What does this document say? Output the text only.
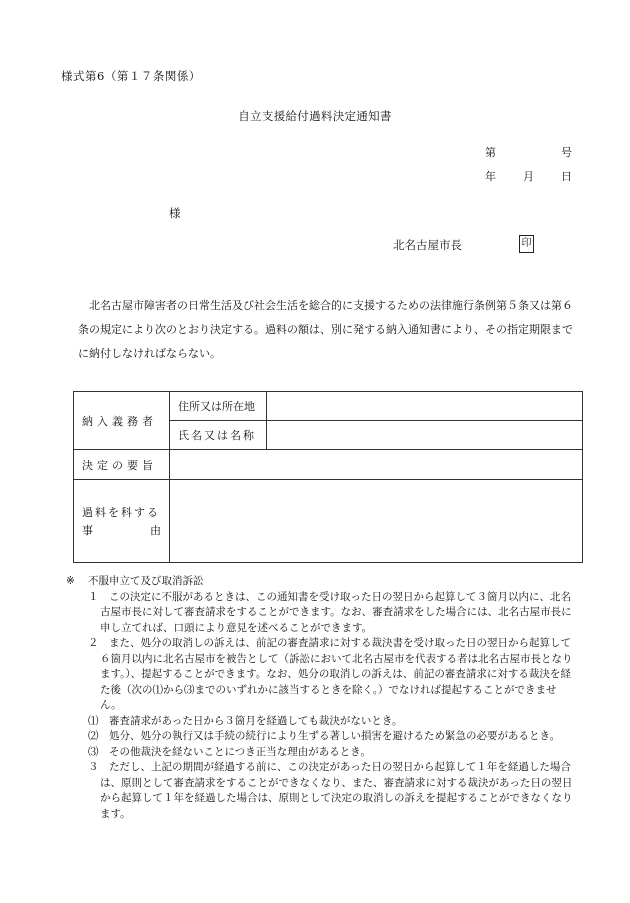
様式第6（第１７条関係）
自立支援給付過料決定通知書
第	号
年 月 日
様
北名古屋市長	印
北名古屋市障害者の日常生活及び社会生活を総合的に支援するための法律施行条例第５条又は第６条の規定により次のとおり決定する。過料の額は、別に発する納入通知書により、その指定期限までに納付しなければならない。
納入義務者	住所又は所在地	
	氏名又は名称	
決定の要旨		

過料を科する
事 由		

※ 不服申立て及び取消訴訟

１　この決定に不服があるときは、この通知書を受け取った日の翌日から起算して３箇月以内に、北名古屋市長に対して審査請求をすることができます。なお、審査請求をした場合には、北名古屋市長に申し立てれば、口頭により意見を述べることができます。

２　また、処分の取消しの訴えは、前記の審査請求に対する裁決書を受け取った日の翌日から起算して６箇月以内に北名古屋市を被告として（訴訟において北名古屋市を代表する者は北名古屋市長となります。）、提起することができます。なお、処分の取消しの訴えは、前記の審査請求に対する裁決を経た後（次の⑴から⑶までのいずれかに該当するときを除く。）でなければ提起することができません。

⑴　審査請求があった日から３箇月を経過しても裁決がないとき。

⑵　処分、処分の執行又は手続の続行により生ずる著しい損害を避けるため緊急の必要があるとき。

⑶　その他裁決を経ないことにつき正当な理由があるとき。

３　ただし、上記の期間が経過する前に、この決定があった日の翌日から起算して１年を経過した場合は、原則として審査請求をすることができなくなり、また、審査請求に対する裁決があった日の翌日から起算して１年を経過した場合は、原則として決定の取消しの訴えを提起することができなくなります。
